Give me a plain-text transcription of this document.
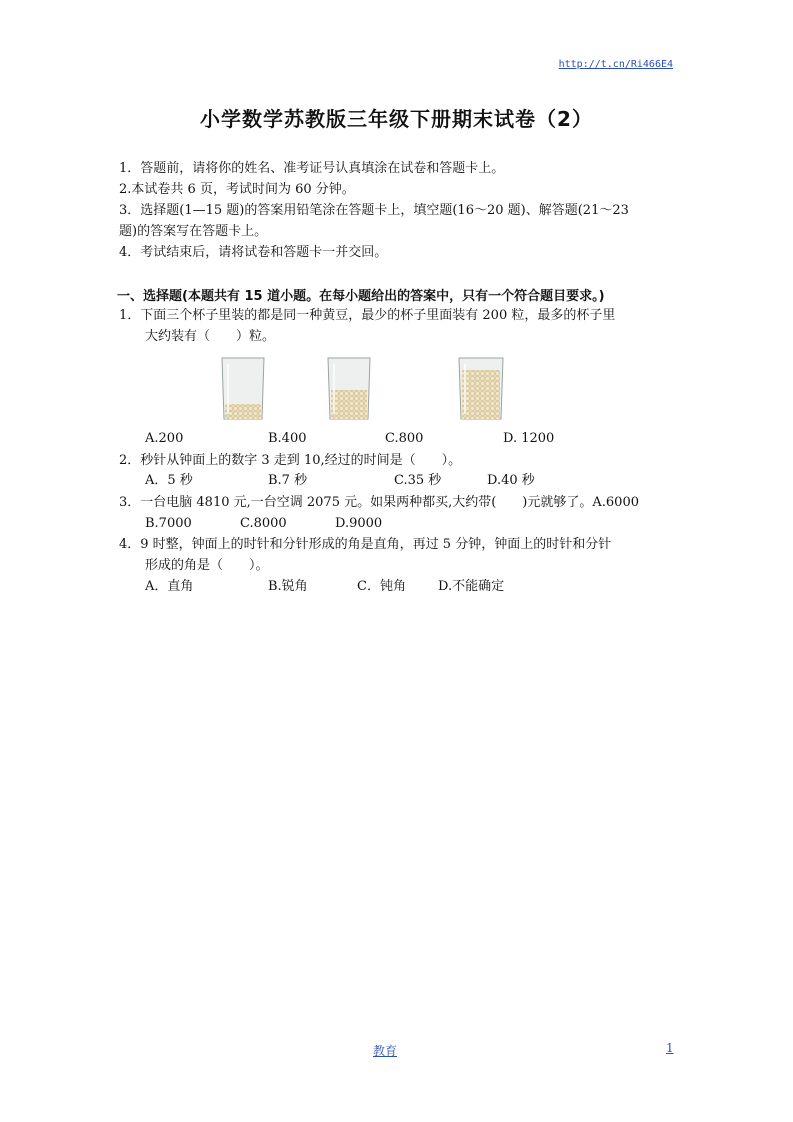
http://t.cn/Ri466E4
小学数学苏教版三年级下册期末试卷（2）
1．答题前，请将你的姓名、准考证号认真填涂在试卷和答题卡上。
2.本试卷共 6 页，考试时间为 60 分钟。
3．选择题(1—15 题)的答案用铅笔涂在答题卡上，填空题(16～20 题)、解答题(21～23
题)的答案写在答题卡上。
4．考试结束后，请将试卷和答题卡一并交回。
一、选择题(本题共有 15 道小题。在每小题给出的答案中，只有一个符合题目要求。)
1．下面三个杯子里装的都是同一种黄豆，最少的杯子里面装有 200 粒，最多的杯子里
大约装有（　　）粒。
A.200	B.400	C.800	D. 1200
2．秒针从钟面上的数字 3 走到 10,经过的时间是（　　）。
A．5 秒	B.7 秒	C.35 秒	D.40 秒
3．一台电脑 4810 元,一台空调 2075 元。如果两种都买,大约带(　　)元就够了。A.6000
B.7000	C.8000	D.9000
4．9 时整，钟面上的时针和分针形成的角是直角，再过 5 分钟，钟面上的时针和分针
形成的角是（　　）。
A．直角	B.锐角	C．钝角 D.不能确定
教育	1
